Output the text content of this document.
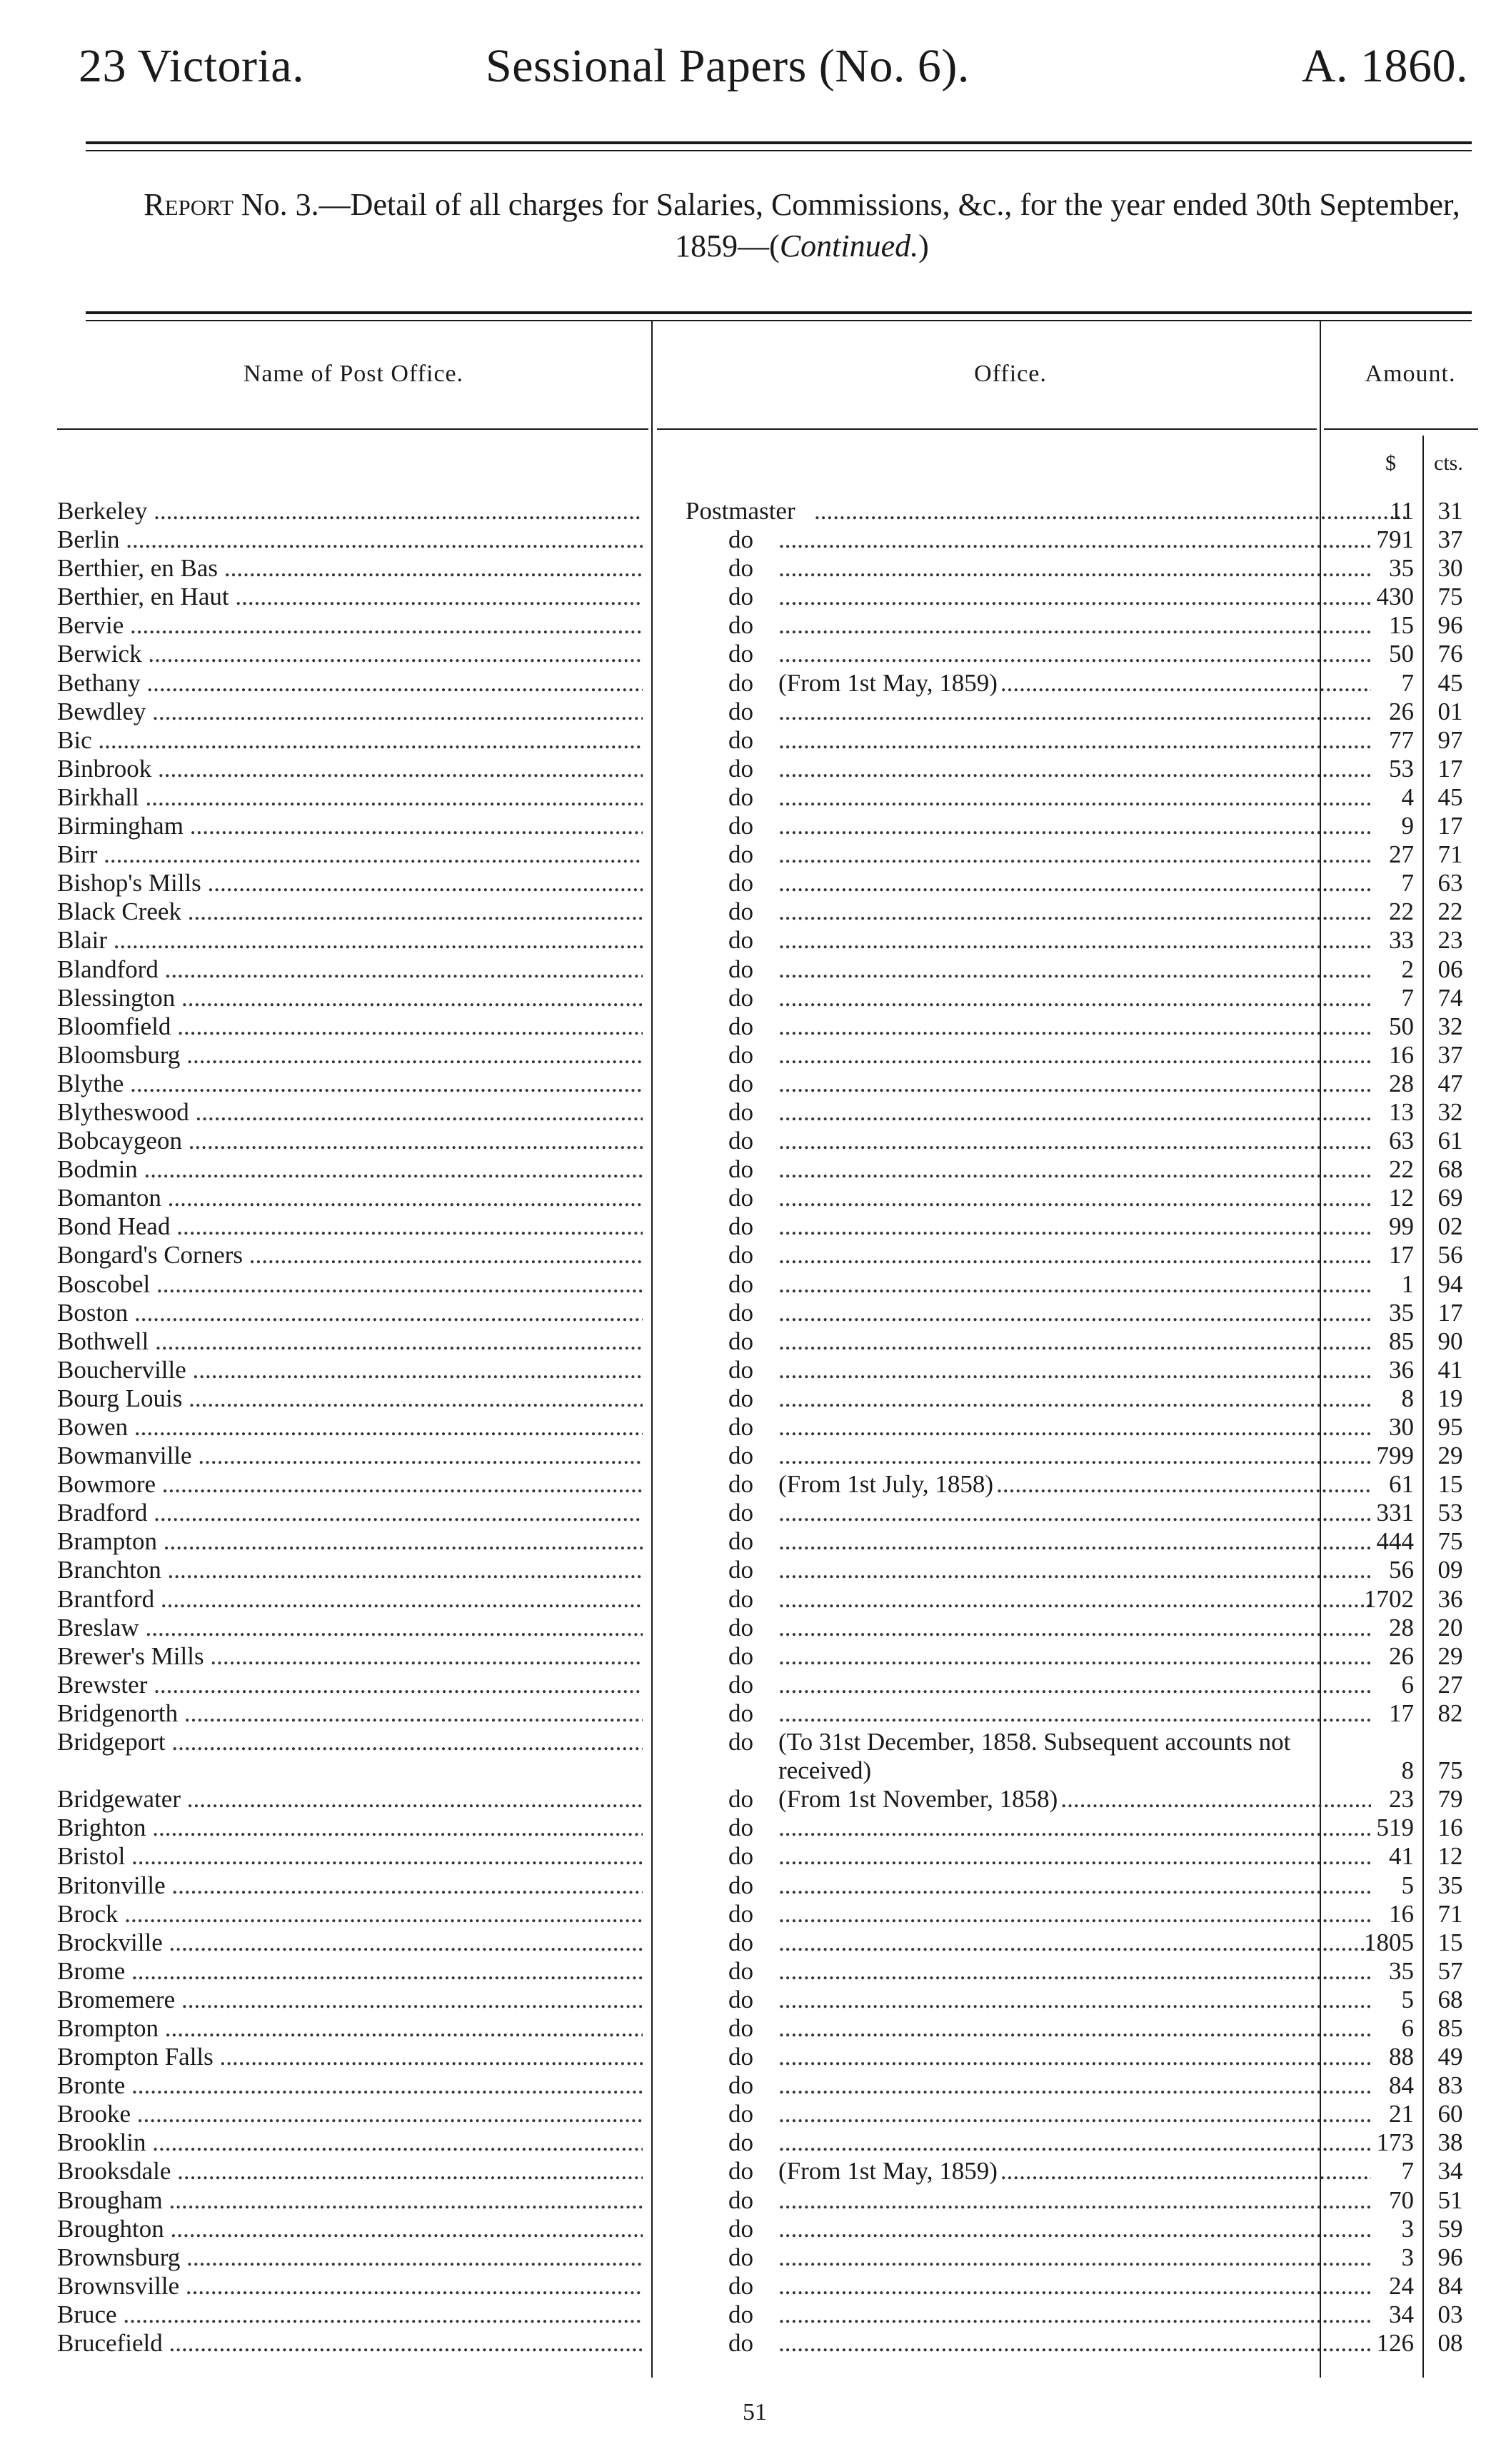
23 Victoria.	Sessional Papers (No. 6).	A. 1860.
Report No. 3.—Detail of all charges for Salaries, Commissions, &c., for the year ended 30th September, 1859—(Continued.)
Name of Post Office.	Office.	Amount.
$ cts.
Berkeley .....	Postmaster .....	11 31
Berlin .....	do .....	791 37
Berthier, en Bas .....	do .....	35 30
Berthier, en Haut .....	do .....	430 75
Bervie .....	do .....	15 96
Berwick .....	do .....	50 76
Bethany .....	do	(From 1st May, 1859) .....	7 45
Bewdley .....	do .....	26 01
Bic .....	do .....	77 97
Binbrook .....	do .....	53 17
Birkhall .....	do .....	4 45
Birmingham .....	do .....	9 17
Birr .....	do .....	27 71
Bishop's Mills .....	do .....	7 63
Black Creek .....	do .....	22 22
Blair .....	do .....	33 23
Blandford .....	do .....	2 06
Blessington .....	do .....	7 74
Bloomfield .....	do .....	50 32
Bloomsburg .....	do .....	16 37
Blythe .....	do .....	28 47
Blytheswood .....	do .....	13 32
Bobcaygeon .....	do .....	63 61
Bodmin .....	do .....	22 68
Bomanton .....	do .....	12 69
Bond Head .....	do .....	99 02
Bongard's Corners .....	do .....	17 56
Boscobel .....	do .....	1 94
Boston .....	do .....	35 17
Bothwell .....	do .....	85 90
Boucherville .....	do .....	36 41
Bourg Louis .....	do .....	8 19
Bowen .....	do .....	30 95
Bowmanville .....	do .....	799 29
Bowmore .....	do	(From 1st July, 1858) .....	61 15
Bradford .....	do .....	331 53
Brampton .....	do .....	444 75
Branchton .....	do .....	56 09
Brantford .....	do .....	1702 36
Breslaw .....	do .....	28 20
Brewer's Mills .....	do .....	26 29
Brewster .....	do .....	6 27
Bridgenorth .....	do .....	17 82
Bridgeport .....	do	(To 31st December, 1858. Subsequent accounts not received)	8 75
Bridgewater .....	do	(From 1st November, 1858) .....	23 79
Brighton .....	do .....	519 16
Bristol .....	do .....	41 12
Britonville .....	do .....	5 35
Brock .....	do .....	16 71
Brockville .....	do .....	1805 15
Brome .....	do .....	35 57
Bromemere .....	do .....	5 68
Brompton .....	do .....	6 85
Brompton Falls .....	do .....	88 49
Bronte .....	do .....	84 83
Brooke .....	do .....	21 60
Brooklin .....	do .....	173 38
Brooksdale .....	do	(From 1st May, 1859) .....	7 34
Brougham .....	do .....	70 51
Broughton .....	do .....	3 59
Brownsburg .....	do .....	3 96
Brownsville .....	do .....	24 84
Bruce .....	do .....	34 03
Brucefield .....	do .....	126 08
51
